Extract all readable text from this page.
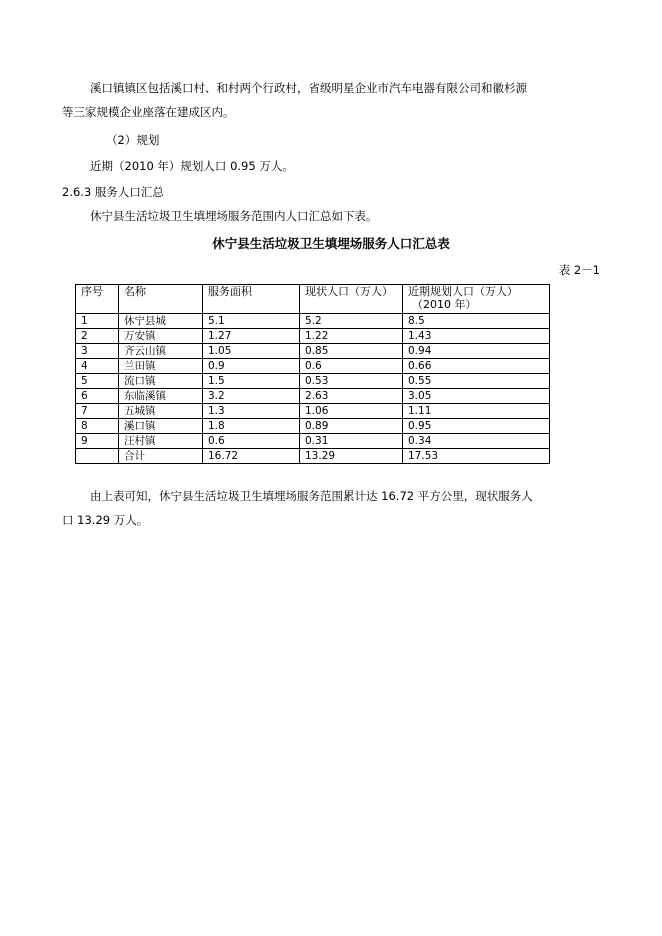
溪口镇镇区包括溪口村、和村两个行政村，省级明星企业市汽车电器有限公司和徽杉源
等三家规模企业座落在建成区内。
（2）规划
近期（2010 年）规划人口 0.95 万人。
2.6.3 服务人口汇总
休宁县生活垃圾卫生填埋场服务范围内人口汇总如下表。
休宁县生活垃圾卫生填埋场服务人口汇总表
表 2－1
序号	名称	服务面积	现状人口（万人）	近期规划人口（万人）
（2010 年）

1	休宁县城	5.1	5.2	8.5
2	万安镇	1.27	1.22	1.43
3	齐云山镇	1.05	0.85	0.94
4	兰田镇	0.9	0.6	0.66
5	流口镇	1.5	0.53	0.55
6	东临溪镇	3.2	2.63	3.05
7	五城镇	1.3	1.06	1.11
8	溪口镇	1.8	0.89	0.95
9	汪村镇	0.6	0.31	0.34
	合计	16.72	13.29	17.53
由上表可知，休宁县生活垃圾卫生填埋场服务范围累计达 16.72 平方公里，现状服务人
口 13.29 万人。
